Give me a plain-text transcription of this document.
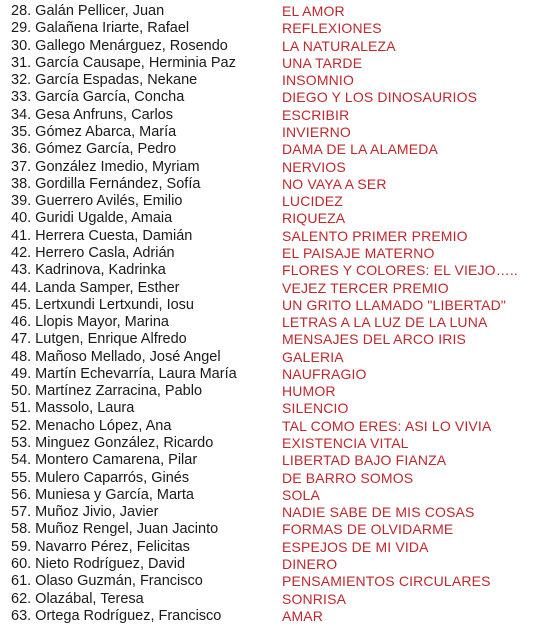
28. Galán Pellicer, Juan	EL AMOR
29. Galañena Iriarte, Rafael	REFLEXIONES
30. Gallego Menárguez, Rosendo	LA NATURALEZA
31. García Causape, Herminia Paz	UNA TARDE
32. García Espadas, Nekane	INSOMNIO
33. García García, Concha	DIEGO Y LOS DINOSAURIOS
34. Gesa Anfruns, Carlos	ESCRIBIR
35. Gómez Abarca, María	INVIERNO
36. Gómez García, Pedro	DAMA DE LA ALAMEDA
37. González Imedio, Myriam	NERVIOS
38. Gordilla Fernández, Sofía	NO VAYA A SER
39. Guerrero Avilés, Emilio	LUCIDEZ
40. Guridi Ugalde, Amaia	RIQUEZA
41. Herrera Cuesta, Damián	SALENTO PRIMER PREMIO
42. Herrero Casla, Adrián	EL PAISAJE MATERNO
43. Kadrinova, Kadrinka	FLORES Y COLORES: EL VIEJO…..
44. Landa Samper, Esther	VEJEZ TERCER PREMIO
45. Lertxundi Lertxundi, Iosu	UN GRITO LLAMADO "LIBERTAD"
46. Llopis Mayor, Marina	LETRAS A LA LUZ DE LA LUNA
47. Lutgen, Enrique Alfredo	MENSAJES DEL ARCO IRIS
48. Mañoso Mellado, José Angel	GALERIA
49. Martín Echevarría, Laura María	NAUFRAGIO
50. Martínez Zarracina, Pablo	HUMOR
51. Massolo, Laura	SILENCIO
52. Menacho López, Ana	TAL COMO ERES: ASI LO VIVIA
53. Minguez González, Ricardo	EXISTENCIA VITAL
54. Montero Camarena, Pilar	LIBERTAD BAJO FIANZA
55. Mulero Caparrós, Ginés	DE BARRO SOMOS
56. Muniesa y García, Marta	SOLA
57. Muñoz Jivio, Javier	NADIE SABE DE MIS COSAS
58. Muñoz Rengel, Juan Jacinto	FORMAS DE OLVIDARME
59. Navarro Pérez, Felicitas	ESPEJOS DE MI VIDA
60. Nieto Rodríguez, David	DINERO
61. Olaso Guzmán, Francisco	PENSAMIENTOS CIRCULARES
62. Olazábal, Teresa	SONRISA
63. Ortega Rodríguez, Francisco	AMAR
